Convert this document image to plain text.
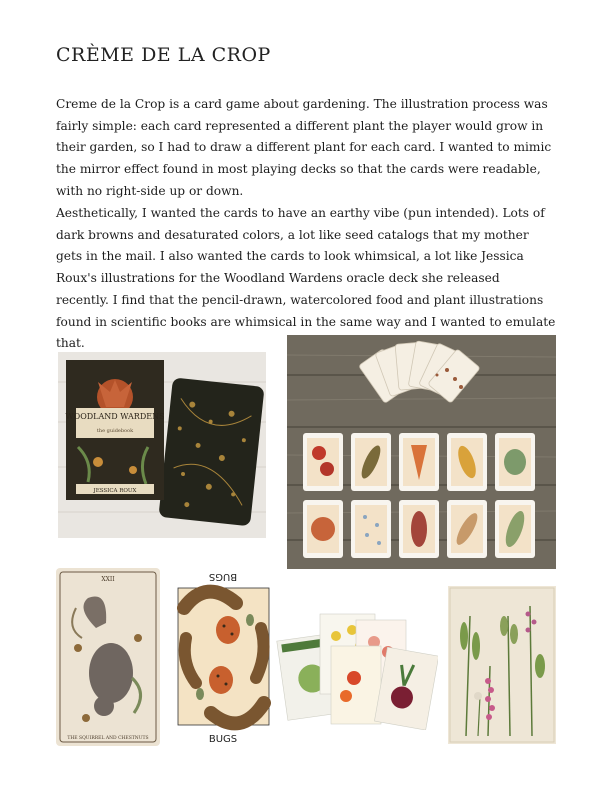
CRÈME DE LA CROP

Creme de la Crop is a card game about gardening. The illustration process was fairly simple: each card represented a different plant the player would grow in their garden, so I had to draw a different plant for each card. I wanted to mimic the mirror effect found in most playing decks so that the cards were readable, with no right-side up or down.

Aesthetically, I wanted the cards to have an earthy vibe (pun intended). Lots of dark browns and desaturated colors, a lot like seed catalogs that my mother gets in the mail. I also wanted the cards to look whimsical, a lot like Jessica Roux's illustrations for the Woodland Wardens oracle deck she released recently. I find that the pencil-drawn, watercolored food and plant illustrations found in scientific books are whimsical in the same way and I wanted to emulate that.

WOODLAND WARDENS
the guidebook
JESSICA ROUX
XXII
THE SQUIRREL AND CHESTNUTS
BUGS
BUGS
